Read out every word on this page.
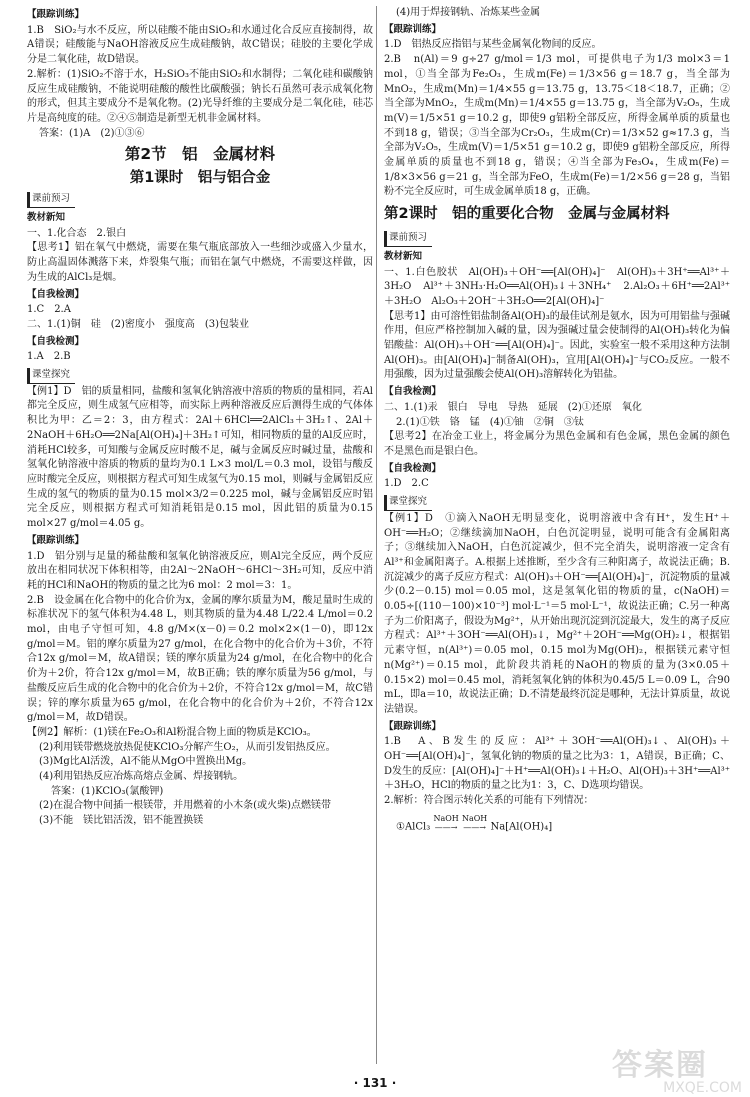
【跟踪训练】

1.B　SiO₂与水不反应，所以硅酸不能由SiO₂和水通过化合反应直接制得，故A错误；硅酸能与NaOH溶液反应生成硅酸钠，故C错误；硅胶的主要化学成分是二氧化硅，故D错误。

2.解析：(1)SiO₂不溶于水，H₂SiO₃不能由SiO₂和水制得；二氧化硅和碳酸钠反应生成硅酸钠，不能说明硅酸的酸性比碳酸强；钠长石虽然可表示成氧化物的形式，但其主要成分不是氧化物。(2)光导纤维的主要成分是二氧化硅，硅芯片是高纯度的硅。②④⑤制造是新型无机非金属材料。

答案：(1)A　(2)①③⑥

第2节　铝　金属材料
第1课时　铝与铝合金
课前预习
教材新知

一、1.化合态　2.银白

【思考1】铝在氧气中燃烧，需要在集气瓶底部放入一些细沙或盛入少量水，防止高温固体溅落下来，炸裂集气瓶；而铝在氯气中燃烧，不需要这样做，因为生成的AlCl₃是烟。

【自我检测】

1.C　2.A

二、1.(1)铜　硅　(2)密度小　强度高　(3)包装业

【自我检测】

1.A　2.B

课堂探究

【例1】D　铝的质量相同，盐酸和氢氧化钠溶液中溶质的物质的量相同，若Al都完全反应，则生成氢气应相等，而实际上两种溶液反应后测得生成的气体体积比为甲：乙＝2：3，由方程式：2Al＋6HCl══2AlCl₃＋3H₂↑、2Al＋2NaOH＋6H₂O══2Na[Al(OH)₄]＋3H₂↑可知，相同物质的量的Al反应时，消耗HCl较多，可知酸与金属反应时酸不足，碱与金属反应时碱过量，盐酸和氢氧化钠溶液中溶质的物质的量均为0.1 L×3 mol/L＝0.3 mol，设铝与酸反应时酸完全反应，则根据方程式可知生成氢气为0.15 mol，则碱与金属铝反应生成的氢气的物质的量为0.15 mol×3/2＝0.225 mol，碱与金属铝反应时铝完全反应，则根据方程式可知消耗铝是0.15 mol，因此铝的质量为0.15 mol×27 g/mol＝4.05 g。

【跟踪训练】

1.D　铝分别与足量的稀盐酸和氢氧化钠溶液反应，则Al完全反应，两个反应放出在相同状况下体积相等，由2Al～2NaOH～6HCl～3H₂可知，反应中消耗的HCl和NaOH的物质的量之比为6 mol：2 mol＝3：1。

2.B　设金属在化合物中的化合价为x，金属的摩尔质量为M，酸足量时生成的标准状况下的氢气体积为4.48 L，则其物质的量为4.48 L/22.4 L/mol＝0.2 mol，由电子守恒可知，4.8 g/M×(x－0)＝0.2 mol×2×(1－0)，即12x g/mol＝M。铝的摩尔质量为27 g/mol，在化合物中的化合价为＋3价，不符合12x g/mol＝M，故A错误；镁的摩尔质量为24 g/mol，在化合物中的化合价为＋2价，符合12x g/mol＝M，故B正确；铁的摩尔质量为56 g/mol，与盐酸反应后生成的化合物中的化合价为＋2价，不符合12x g/mol＝M，故C错误；锌的摩尔质量为65 g/mol，在化合物中的化合价为＋2价，不符合12x g/mol＝M，故D错误。

【例2】解析：(1)镁在Fe₂O₃和Al粉混合物上面的物质是KClO₃。

(2)利用镁带燃烧放热促使KClO₃分解产生O₂，从而引发铝热反应。

(3)Mg比Al活泼，Al不能从MgO中置换出Mg。

(4)利用铝热反应冶炼高熔点金属、焊接钢轨。

答案：(1)KClO₃(氯酸钾)

(2)在混合物中间插一根镁带，并用燃着的小木条(或火柴)点燃镁带

(3)不能　镁比铝活泼，铝不能置换镁

(4)用于焊接钢轨、冶炼某些金属

【跟踪训练】

1.D　铝热反应指铝与某些金属氧化物间的反应。

2.B　n(Al)＝9 g÷27 g/mol＝1/3 mol，可提供电子为1/3 mol×3＝1 mol，①当全部为Fe₂O₃，生成m(Fe)＝1/3×56 g＝18.7 g，当全部为MnO₂，生成m(Mn)＝1/4×55 g＝13.75 g，13.75＜18＜18.7，正确；②当全部为MnO₂，生成m(Mn)＝1/4×55 g＝13.75 g，当全部为V₂O₅，生成m(V)＝1/5×51 g＝10.2 g，即使9 g铝粉全部反应，所得金属单质的质量也不到18 g，错误；③当全部为Cr₂O₃，生成m(Cr)＝1/3×52 g≈17.3 g，当全部为V₂O₅，生成m(V)＝1/5×51 g＝10.2 g，即使9 g铝粉全部反应，所得金属单质的质量也不到18 g，错误；④当全部为Fe₃O₄，生成m(Fe)＝1/8×3×56 g＝21 g，当全部为FeO，生成m(Fe)＝1/2×56 g＝28 g，当铝粉不完全反应时，可生成金属单质18 g，正确。

第2课时　铝的重要化合物　金属与金属材料
课前预习
教材新知

一、1.白色胶状　Al(OH)₃＋OH⁻══[Al(OH)₄]⁻　Al(OH)₃＋3H⁺══Al³⁺＋3H₂O　Al³⁺＋3NH₃·H₂O══Al(OH)₃↓＋3NH₄⁺　2.Al₂O₃＋6H⁺══2Al³⁺＋3H₂O　Al₂O₃＋2OH⁻＋3H₂O══2[Al(OH)₄]⁻

【思考1】由可溶性铝盐制备Al(OH)₃的最佳试剂是氨水，因为可用铝盐与强碱作用，但应严格控制加入碱的量，因为强碱过量会使制得的Al(OH)₃转化为偏铝酸盐：Al(OH)₃＋OH⁻══[Al(OH)₄]⁻。因此，实验室一般不采用这种方法制Al(OH)₃。由[Al(OH)₄]⁻制备Al(OH)₃，宜用[Al(OH)₄]⁻与CO₂反应。一般不用强酸，因为过量强酸会使Al(OH)₃溶解转化为铝盐。

【自我检测】

二、1.(1)汞　银白　导电　导热　延展　(2)①还原　氧化

2.(1)①铁　铬　锰　(4)①铀　②铜　③钛

【思考2】在冶金工业上，将金属分为黑色金属和有色金属，黑色金属的颜色不是黑色而是银白色。

【自我检测】

1.D　2.C

课堂探究

【例1】D　①滴入NaOH无明显变化，说明溶液中含有H⁺，发生H⁺＋OH⁻══H₂O；②继续滴加NaOH，白色沉淀明显，说明可能含有金属阳离子；③继续加入NaOH，白色沉淀减少，但不完全消失，说明溶液一定含有Al³⁺和金属阳离子。A.根据上述推断，至少含有三种阳离子，故说法正确；B.沉淀减少的离子反应方程式：Al(OH)₃＋OH⁻══[Al(OH)₄]⁻，沉淀物质的量减少(0.2－0.15) mol＝0.05 mol，这是氢氧化铝的物质的量，c(NaOH)＝0.05÷[(110－100)×10⁻³] mol·L⁻¹＝5 mol·L⁻¹，故说法正确；C.另一种离子为二价阳离子，假设为Mg²⁺，从开始出现沉淀到沉淀最大，发生的离子反应方程式：Al³⁺＋3OH⁻══Al(OH)₃↓，Mg²⁺＋2OH⁻══Mg(OH)₂↓，根据铝元素守恒，n(Al³⁺)＝0.05 mol，0.15 mol为Mg(OH)₂，根据镁元素守恒n(Mg²⁺)＝0.15 mol，此阶段共消耗的NaOH的物质的量为(3×0.05＋0.15×2) mol＝0.45 mol，消耗氢氧化钠的体积为0.45/5 L＝0.09 L，合90 mL，即a＝10，故说法正确；D.不清楚最终沉淀是哪种，无法计算质量，故说法错误。

【跟踪训练】

1.B　A、B发生的反应：Al³⁺＋3OH⁻══Al(OH)₃↓、Al(OH)₃＋OH⁻══[Al(OH)₄]⁻，氢氧化钠的物质的量之比为3：1，A错误，B正确；C、D发生的反应：[Al(OH)₄]⁻＋H⁺══Al(OH)₃↓＋H₂O、Al(OH)₃＋3H⁺══Al³⁺＋3H₂O，HCl的物质的量之比为1：3，C、D选项均错误。

2.解析：符合图示转化关系的可能有下列情况：

①AlCl₃
NaOH
——→

NaOH
——→ Na[Al(OH)₄]
· 131 ·	答案圈
MXQE.COM
